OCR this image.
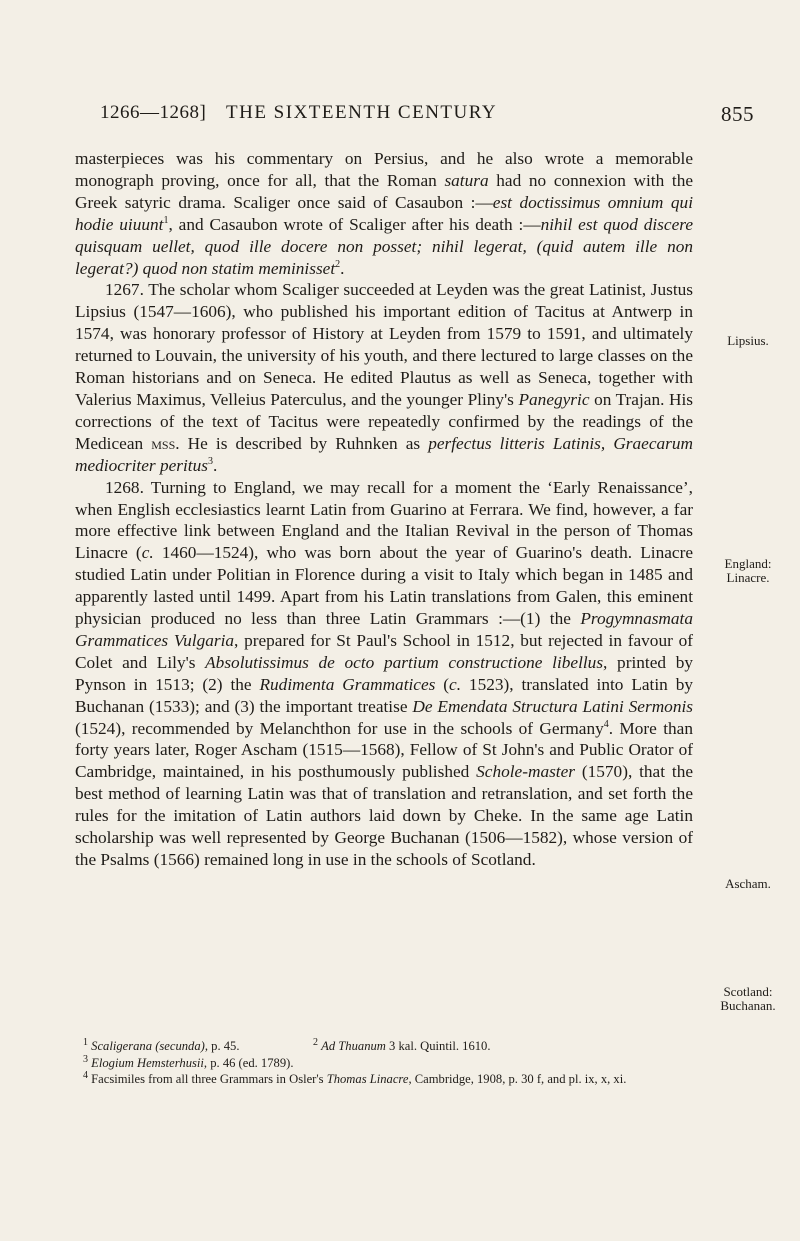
1266—1268] THE SIXTEENTH CENTURY	855

masterpieces was his commentary on Persius, and he also wrote a memorable monograph proving, once for all, that the Roman satura had no connexion with the Greek satyric drama. Scaliger once said of Casaubon :—est doctissimus omnium qui hodie uiuunt$^1$, and Casaubon wrote of Scaliger after his death :—nihil est quod discere quisquam uellet, quod ille docere non posset; nihil legerat, (quid autem ille non legerat?) quod non statim meminisset$^2$.

1267. The scholar whom Scaliger succeeded at Leyden was the great Latinist, Justus Lipsius (1547—1606), who published his important edition of Tacitus at Antwerp in 1574, was honorary professor of History at Leyden from 1579 to 1591, and ultimately returned to Louvain, the university of his youth, and there lectured to large classes on the Roman historians and on Seneca. He edited Plautus as well as Seneca, together with Valerius Maximus, Velleius Paterculus, and the younger Pliny's Panegyric on Trajan. His corrections of the text of Tacitus were repeatedly confirmed by the readings of the Medicean mss. He is described by Ruhnken as perfectus litteris Latinis, Graecarum mediocriter peritus$^3$.

1268. Turning to England, we may recall for a moment the ‘Early Renaissance’, when English ecclesiastics learnt Latin from Guarino at Ferrara. We find, however, a far more effective link between England and the Italian Revival in the person of Thomas Linacre (c. 1460—1524), who was born about the year of Guarino's death. Linacre studied Latin under Politian in Florence during a visit to Italy which began in 1485 and apparently lasted until 1499. Apart from his Latin translations from Galen, this eminent physician produced no less than three Latin Grammars :—(1) the Progymnasmata Grammatices Vulgaria, prepared for St Paul's School in 1512, but rejected in favour of Colet and Lily's Absolutissimus de octo partium constructione libellus, printed by Pynson in 1513; (2) the Rudimenta Grammatices (c. 1523), translated into Latin by Buchanan (1533); and (3) the important treatise De Emendata Structura Latini Sermonis (1524), recommended by Melanchthon for use in the schools of Germany$^4$. More than forty years later, Roger Ascham (1515—1568), Fellow of St John's and Public Orator of Cambridge, maintained, in his posthumously published Schole-master (1570), that the best method of learning Latin was that of translation and retranslation, and set forth the rules for the imitation of Latin authors laid down by Cheke. In the same age Latin scholarship was well represented by George Buchanan (1506—1582), whose version of the Psalms (1566) remained long in use in the schools of Scotland.

Lipsius.
England:
Linacre.
Ascham.
Scotland:
Buchanan.
$^1$ Scaligerana (secunda), p. 45.	$^2$ Ad Thuanum 3 kal. Quintil. 1610.
$^3$ Elogium Hemsterhusii, p. 46 (ed. 1789).
$^4$ Facsimiles from all three Grammars in Osler's Thomas Linacre, Cambridge, 1908, p. 30 f, and pl. ix, x, xi.
